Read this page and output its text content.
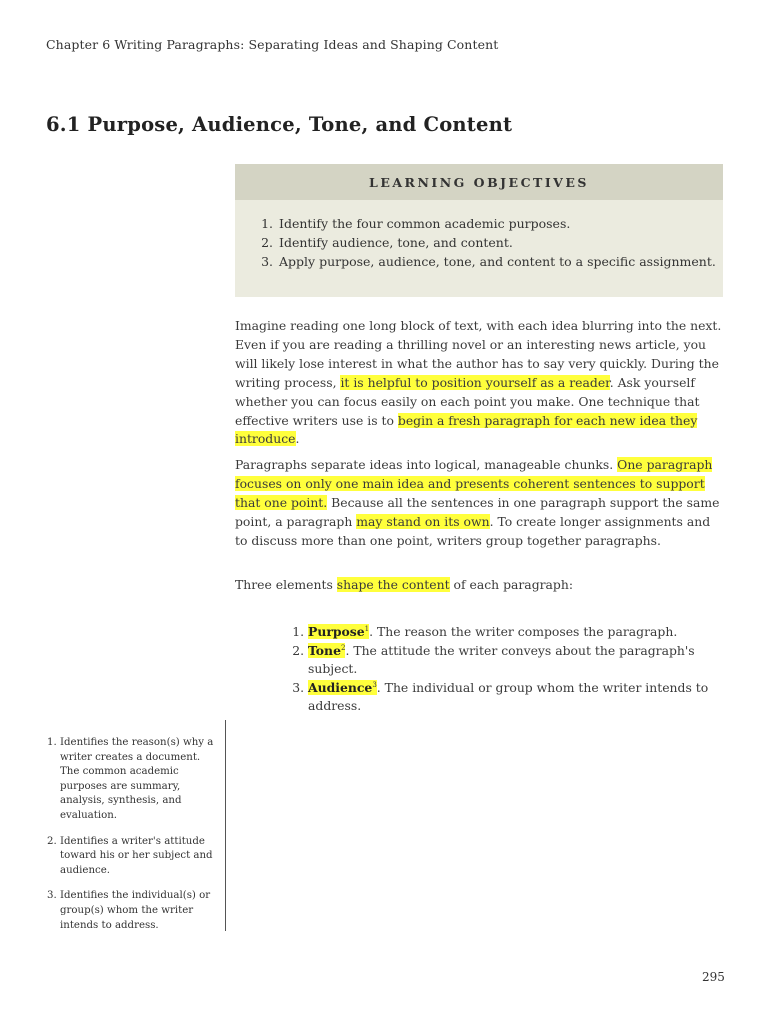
Chapter 6 Writing Paragraphs: Separating Ideas and Shaping Content
6.1 Purpose, Audience, Tone, and Content
LEARNING OBJECTIVES
1. Identify the four common academic purposes.
2. Identify audience, tone, and content.
3. Apply purpose, audience, tone, and content to a specific assignment.

Imagine reading one long block of text, with each idea blurring into the next. Even if you are reading a thrilling novel or an interesting news article, you will likely lose interest in what the author has to say very quickly. During the writing process, it is helpful to position yourself as a reader. Ask yourself whether you can focus easily on each point you make. One technique that effective writers use is to begin a fresh paragraph for each new idea they introduce.

Paragraphs separate ideas into logical, manageable chunks. One paragraph focuses on only one main idea and presents coherent sentences to support that one point. Because all the sentences in one paragraph support the same point, a paragraph may stand on its own. To create longer assignments and to discuss more than one point, writers group together paragraphs.

Three elements shape the content of each paragraph:

1. Purpose$^1$. The reason the writer composes the paragraph.
2. Tone$^2$. The attitude the writer conveys about the paragraph's subject.
3. Audience$^3$. The individual or group whom the writer intends to address.
1. Identifies the reason(s) why a writer creates a document. The common academic purposes are summary, analysis, synthesis, and evaluation.
2. Identifies a writer's attitude toward his or her subject and audience.
3. Identifies the individual(s) or group(s) whom the writer intends to address.
295
